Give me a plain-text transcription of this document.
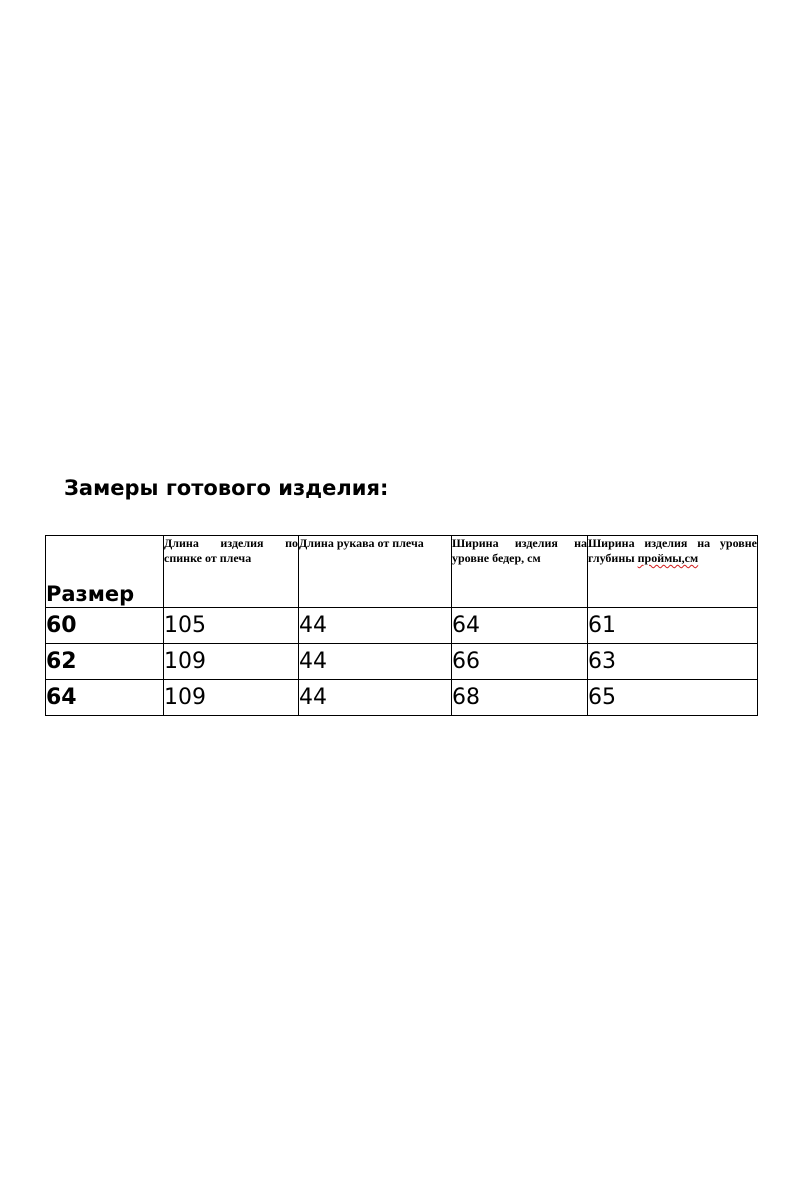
Замеры готового изделия:
Размер	Длина изделия по спинке от плеча	Длина рукава от плеча	Ширина изделия на уровне бедер, см	Ширина изделия на уровне глубины проймы,см
60	105	44	64	61
62	109	44	66	63
64	109	44	68	65
